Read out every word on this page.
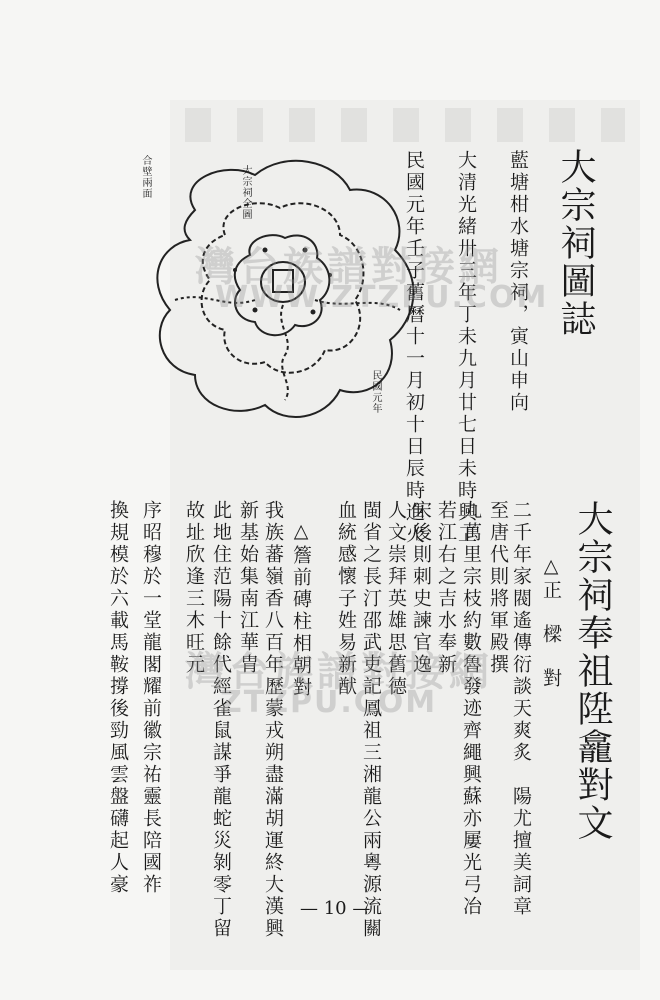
合壁兩面	大宗祠全圖
民國元年
大宗祠圖誌
藍塘柑水塘宗祠，寅山申向
大清光緒卅三年丁未九月廿七日未時興工
民國元年壬子舊曆十一月初十日辰時進火
大宗祠奉祖陞龕對文
△正　樑　對
二千年家閥遙傳衍談天爽炙　陽尤擅美詞章
至唐代則將軍殿撰
九萬里宗枝約數魯發迹齊繩興蘇亦屢光弓冶
若江右之吉水奉新
宋後則刺史諫官逸
人文崇拜英雄思舊德
閩省之長汀邵武吏記鳳祖三湘龍公兩粵源流關
血統感懷子姓易新猷
△簷前磚柱相朝對
我族蕃嶺香八百年歷蒙戎朔盡滿胡運終大漢興
新基始集南江華胄
此地住范陽十餘代經雀鼠謀爭龍蛇災剝零丁留
故址欣逢三木旺元
序昭穆於一堂龍閣耀前徽宗祐靈長陪國祚
換規模於六載馬鞍撐後勁風雲盤礴起人豪
灣台族譜對接網
WWW.ZTZPU.COM
灣台族譜對接網
ZTZPU.COM
— 10 —
